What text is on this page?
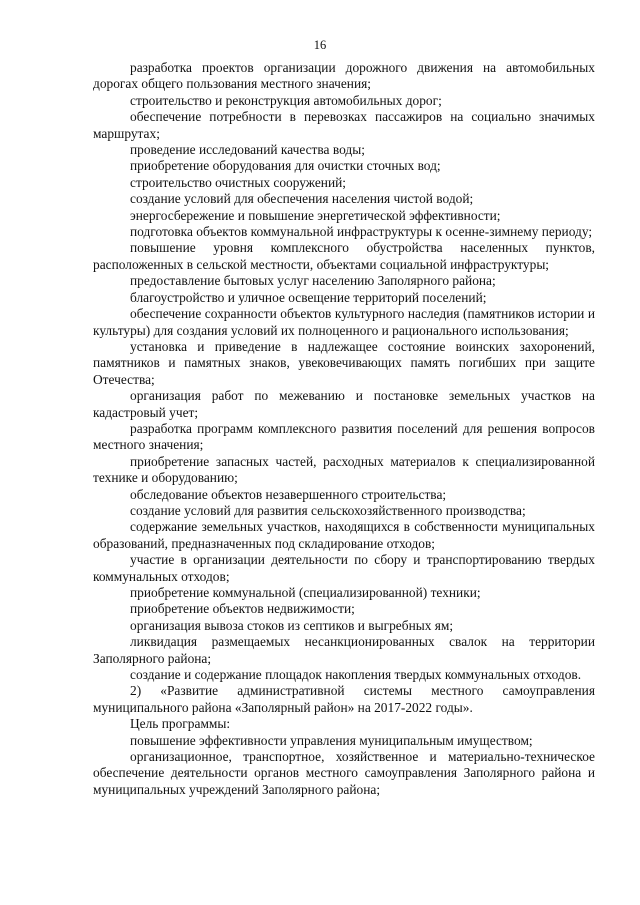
16

разработка проектов организации дорожного движения на автомобильных дорогах общего пользования местного значения;

строительство и реконструкция автомобильных дорог;

обеспечение потребности в перевозках пассажиров на социально значимых маршрутах;

проведение исследований качества воды;

приобретение оборудования для очистки сточных вод;

строительство очистных сооружений;

создание условий для обеспечения населения чистой водой;

энергосбережение и повышение энергетической эффективности;

подготовка объектов коммунальной инфраструктуры к осенне-зимнему периоду;

повышение уровня комплексного обустройства населенных пунктов, расположенных в сельской местности, объектами социальной инфраструктуры;

предоставление бытовых услуг населению Заполярного района;

благоустройство и уличное освещение территорий поселений;

обеспечение сохранности объектов культурного наследия (памятников истории и культуры) для создания условий их полноценного и рационального использования;

установка и приведение в надлежащее состояние воинских захоронений, памятников и памятных знаков, увековечивающих память погибших при защите Отечества;

организация работ по межеванию и постановке земельных участков на кадастровый учет;

разработка программ комплексного развития поселений для решения вопросов местного значения;

приобретение запасных частей, расходных материалов к специализированной технике и оборудованию;

обследование объектов незавершенного строительства;

создание условий для развития сельскохозяйственного производства;

содержание земельных участков, находящихся в собственности муниципальных образований, предназначенных под складирование отходов;

участие в организации деятельности по сбору и транспортированию твердых коммунальных отходов;

приобретение коммунальной (специализированной) техники;

приобретение объектов недвижимости;

организация вывоза стоков из септиков и выгребных ям;

ликвидация размещаемых несанкционированных свалок на территории Заполярного района;

создание и содержание площадок накопления твердых коммунальных отходов.

2) «Развитие административной системы местного самоуправления муниципального района «Заполярный район» на 2017-2022 годы».

Цель программы:

повышение эффективности управления муниципальным имуществом;

организационное, транспортное, хозяйственное и материально-техническое обеспечение деятельности органов местного самоуправления Заполярного района и муниципальных учреждений Заполярного района;
